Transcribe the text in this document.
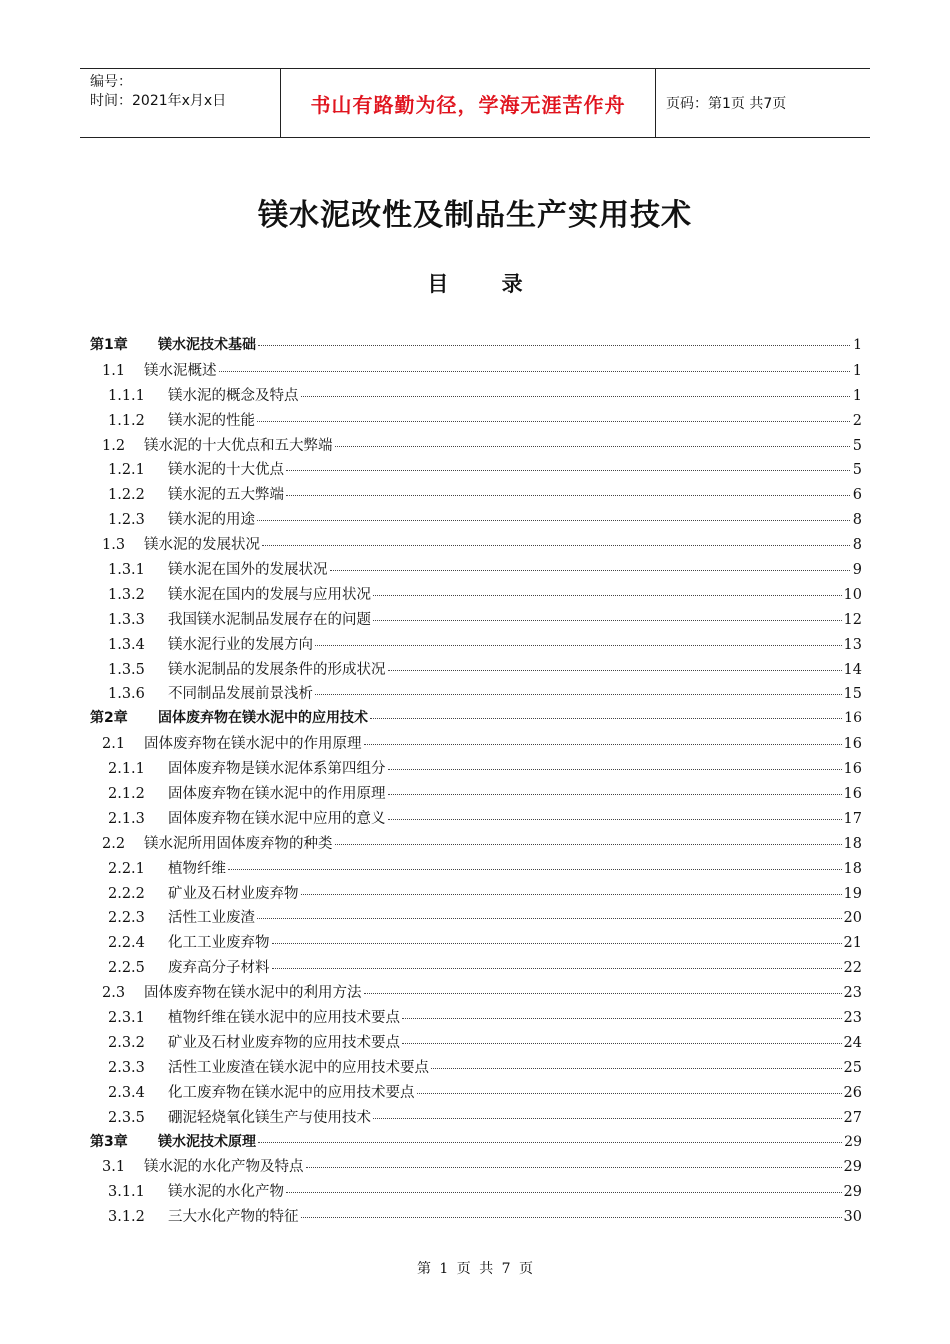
编号：
时间：2021年x月x日	书山有路勤为径，学海无涯苦作舟	页码：第1页 共7页
镁水泥改性及制品生产实用技术
目 录
第1章	镁水泥技术基础	1
1.1	镁水泥概述	1
1.1.1	镁水泥的概念及特点	1
1.1.2	镁水泥的性能	2
1.2	镁水泥的十大优点和五大弊端	5
1.2.1	镁水泥的十大优点	5
1.2.2	镁水泥的五大弊端	6
1.2.3	镁水泥的用途	8
1.3	镁水泥的发展状况	8
1.3.1	镁水泥在国外的发展状况	9
1.3.2	镁水泥在国内的发展与应用状况	10
1.3.3	我国镁水泥制品发展存在的问题	12
1.3.4	镁水泥行业的发展方向	13
1.3.5	镁水泥制品的发展条件的形成状况	14
1.3.6	不同制品发展前景浅析	15
第2章	固体废弃物在镁水泥中的应用技术	16
2.1	固体废弃物在镁水泥中的作用原理	16
2.1.1	固体废弃物是镁水泥体系第四组分	16
2.1.2	固体废弃物在镁水泥中的作用原理	16
2.1.3	固体废弃物在镁水泥中应用的意义	17
2.2	镁水泥所用固体废弃物的种类	18
2.2.1	植物纤维	18
2.2.2	矿业及石材业废弃物	19
2.2.3	活性工业废渣	20
2.2.4	化工工业废弃物	21
2.2.5	废弃高分子材料	22
2.3	固体废弃物在镁水泥中的利用方法	23
2.3.1	植物纤维在镁水泥中的应用技术要点	23
2.3.2	矿业及石材业废弃物的应用技术要点	24
2.3.3	活性工业废渣在镁水泥中的应用技术要点	25
2.3.4	化工废弃物在镁水泥中的应用技术要点	26
2.3.5	硼泥轻烧氧化镁生产与使用技术	27
第3章	镁水泥技术原理	29
3.1	镁水泥的水化产物及特点	29
3.1.1	镁水泥的水化产物	29
3.1.2	三大水化产物的特征	30
第 1 页 共 7 页
